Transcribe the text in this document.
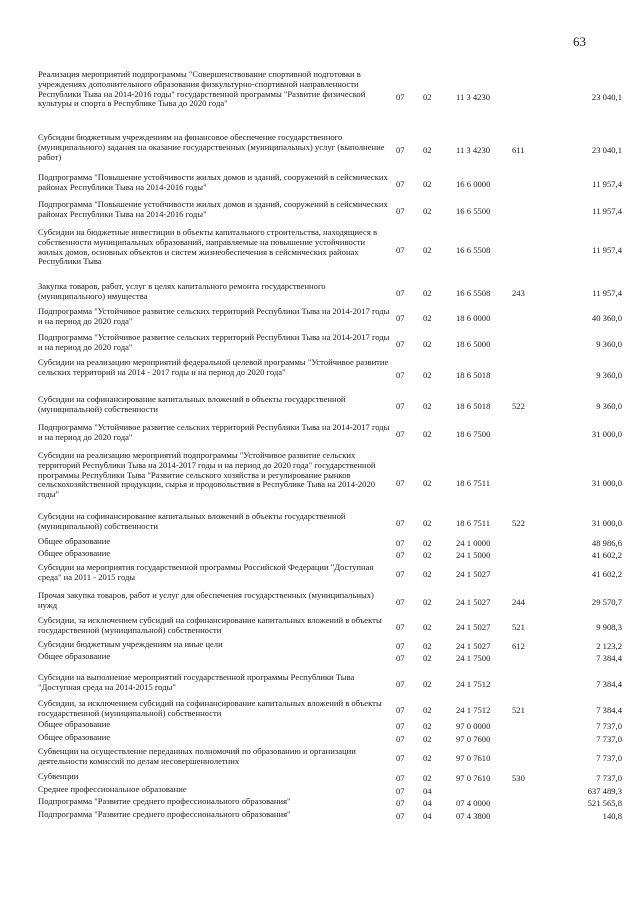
63
Реализация мероприятий подпрограммы "Совершенствование спортивной подготовки в учреждениях дополнительного образования физкультурно-спортивной направленности Республики Тыва на 2014-2016 годы" государственной программы "Развитие физической культуры и спорта в Республике Тыва до 2020 года"
07 02	11 3 4230	23 040,1
Субсидии бюджетным учреждениям на финансовое обеспечение государственного (муниципального) задания на оказание государственных (муниципальных) услуг (выполнение работ)
07 02	11 3 4230	611	23 040,1
Подпрограмма "Повышение устойчивости жилых домов и зданий, сооружений в сейсмических районах Республики Тыва на 2014-2016 годы"	07 02	16 6 0000	11 957,4
Подпрограмма "Повышение устойчивости жилых домов и зданий, сооружений в сейсмических районах Республики Тыва на 2014-2016 годы"	07 02	16 6 5500	11 957,4
Субсидии на бюджетные инвестиции в объекты капитального строительства, находящиеся в собственности муниципальных образований, направляемые на повышение устойчивости жилых домов, основных объектов и систем жизнеобеспечения в сейсмических районах Республики Тыва
07 02	16 6 5508	11 957,4
Закупка товаров, работ, услуг в целях капитального ремонта государственного (муниципального) имущества	07 02	16 6 5508	243	11 957,4
Подпрограмма "Устойчивое развитие сельских территорий Республики Тыва на 2014-2017 годы и на период до 2020 года"	07 02	18 6 0000	40 360,0
Подпрограмма "Устойчивое развитие сельских территорий Республики Тыва на 2014-2017 годы и на период до 2020 года"	07 02	18 6 5000	9 360,0
Субсидии на реализацию мероприятий федеральной целевой программы "Устойчивое развитие сельских территорий на 2014 - 2017 годы и на период до 2020 года"	07 02	18 6 5018	9 360,0
Субсидии на софинансирование капитальных вложений в объекты государственной (муниципальной) собственности	07 02	18 6 5018	522	9 360,0
Подпрограмма "Устойчивое развитие сельских территорий Республики Тыва на 2014-2017 годы и на период до 2020 года"	07 02	18 6 7500	31 000,0
Субсидии на реализацию мероприятий подпрограммы "Устойчивое развитие сельских территорий Республики Тыва на 2014-2017 годы и на период до 2020 года" государственной программы Республики Тыва "Развитие сельского хозяйства и регулирование рынков сельскохозяйственной продукции, сырья и продовольствия в Республике Тыва на 2014-2020 годы"
07 02	18 6 7511	31 000,0
Субсидии на софинансирование капитальных вложений в объекты государственной (муниципальной) собственности	07 02	18 6 7511	522	31 000,0
Общее образование	07 02	24 1 0000	48 986,6
Общее образование	07 02	24 1 5000	41 602,2
Субсидии на мероприятия государственной программы Российской Федерации "Доступная среда" на 2011 - 2015 годы	07 02	24 1 5027	41 602,2
Прочая закупка товаров, работ и услуг для обеспечения государственных (муниципальных) нужд	07 02	24 1 5027	244	29 570,7
Субсидии, за исключением субсидий на софинансирование капитальных вложений в объекты государственной (муниципальной) собственности	07 02	24 1 5027	521	9 908,3
Субсидии бюджетным учреждениям на иные цели	07 02	24 1 5027	612	2 123,2
Общее образование	07 02	24 1 7500	7 384,4
Субсидии на выполнение мероприятий государственной программы Республики Тыва "Доступная среда на 2014-2015 годы"	07 02	24 1 7512	7 384,4
Субсидии, за исключением субсидий на софинансирование капитальных вложений в объекты государственной (муниципальной) собственности	07 02	24 1 7512	521	7 384,4
Общее образование	07 02	97 0 0000	7 737,0
Общее образование	07 02	97 0 7600	7 737,0
Субвенции на осуществление переданных полномочий по образованию и организации деятельности комиссий по делам несовершеннолетних	07 02	97 0 7610	7 737,0
Субвенции	07 02	97 0 7610	530	7 737,0
Среднее профессиональное образование	07 04	637 489,3
Подпрограмма "Развитие среднего профессионального образования"	07 04	07 4 0000	521 565,8
Подпрограмма "Развитие среднего профессионального образования"	07 04	07 4 3800	140,8
